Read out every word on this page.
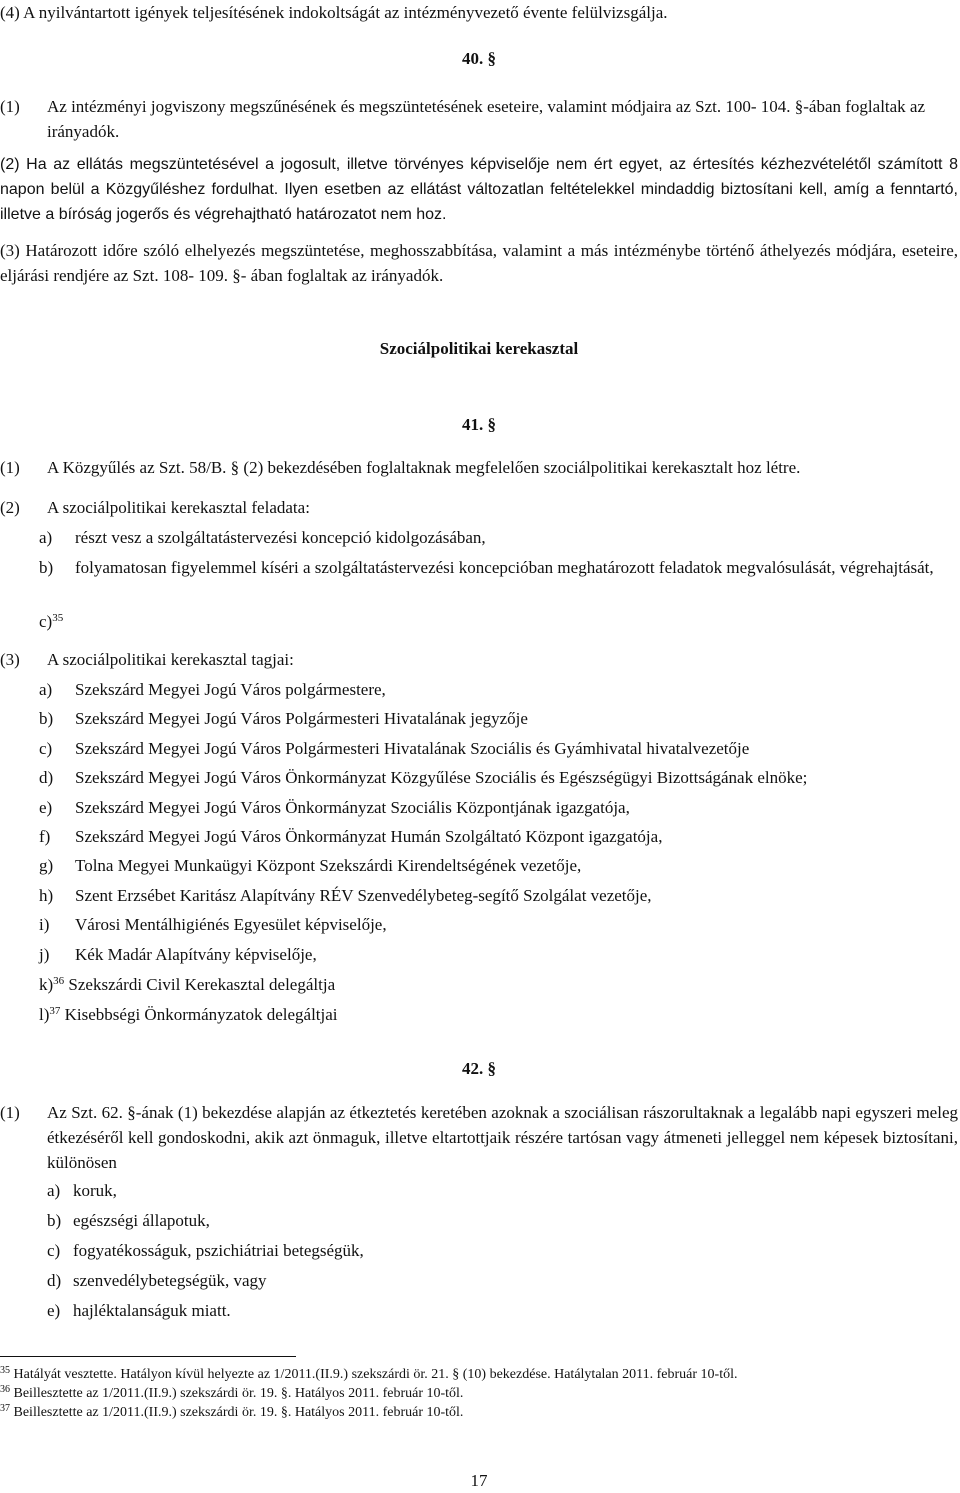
(4) A nyilvántartott igények teljesítésének indokoltságát az intézményvezető évente felülvizsgálja.

40. §
(1) Az intézményi jogviszony megszűnésének és megszüntetésének eseteire, valamint módjaira az Szt. 100- 104. §-ában foglaltak az irányadók.
(2) Ha az ellátás megszüntetésével a jogosult, illetve törvényes képviselője nem ért egyet, az értesítés kézhezvételétől számított 8 napon belül a Közgyűléshez fordulhat. Ilyen esetben az ellátást változatlan feltételekkel mindaddig biztosítani kell, amíg a fenntartó, illetve a bíróság jogerős és végrehajtható határozatot nem hoz.
(3) Határozott időre szóló elhelyezés megszüntetése, meghosszabbítása, valamint a más intézménybe történő áthelyezés módjára, eseteire, eljárási rendjére az Szt. 108- 109. §- ában foglaltak az irányadók.
Szociálpolitikai kerekasztal
41. §
(1) A Közgyűlés az Szt. 58/B. § (2) bekezdésében foglaltaknak megfelelően szociálpolitikai kerekasztalt hoz létre.
(2) A szociálpolitikai kerekasztal feladata:
a) részt vesz a szolgáltatástervezési koncepció kidolgozásában,
b) folyamatosan figyelemmel kíséri a szolgáltatástervezési koncepcióban meghatározott feladatok megvalósulását, végrehajtását,
c)$^{35}$
(3) A szociálpolitikai kerekasztal tagjai:
a) Szekszárd Megyei Jogú Város polgármestere,
b) Szekszárd Megyei Jogú Város Polgármesteri Hivatalának jegyzője
c) Szekszárd Megyei Jogú Város Polgármesteri Hivatalának Szociális és Gyámhivatal hivatalvezetője
d) Szekszárd Megyei Jogú Város Önkormányzat Közgyűlése Szociális és Egészségügyi Bizottságának elnöke;
e) Szekszárd Megyei Jogú Város Önkormányzat Szociális Központjának igazgatója,
f) Szekszárd Megyei Jogú Város Önkormányzat Humán Szolgáltató Központ igazgatója,
g) Tolna Megyei Munkaügyi Központ Szekszárdi Kirendeltségének vezetője,
h) Szent Erzsébet Karitász Alapítvány RÉV Szenvedélybeteg-segítő Szolgálat vezetője,
i) Városi Mentálhigiénés Egyesület képviselője,
j) Kék Madár Alapítvány képviselője,
k)$^{36}$ Szekszárdi Civil Kerekasztal delegáltja
l)$^{37}$ Kisebbségi Önkormányzatok delegáltjai
42. §
(1) Az Szt. 62. §-ának (1) bekezdése alapján az étkeztetés keretében azoknak a szociálisan rászorultaknak a legalább napi egyszeri meleg étkezéséről kell gondoskodni, akik azt önmaguk, illetve eltartottjaik részére tartósan vagy átmeneti jelleggel nem képesek biztosítani, különösen
a) koruk,
b) egészségi állapotuk,
c) fogyatékosságuk, pszichiátriai betegségük,
d) szenvedélybetegségük, vagy
e) hajléktalanságuk miatt.
$^{35}$ Hatályát vesztette. Hatályon kívül helyezte az 1/2011.(II.9.) szekszárdi ör. 21. § (10) bekezdése. Hatálytalan 2011. február 10-től.
$^{36}$ Beillesztette az 1/2011.(II.9.) szekszárdi ör. 19. §. Hatályos 2011. február 10-től.
$^{37}$ Beillesztette az 1/2011.(II.9.) szekszárdi ör. 19. §. Hatályos 2011. február 10-től.
17
